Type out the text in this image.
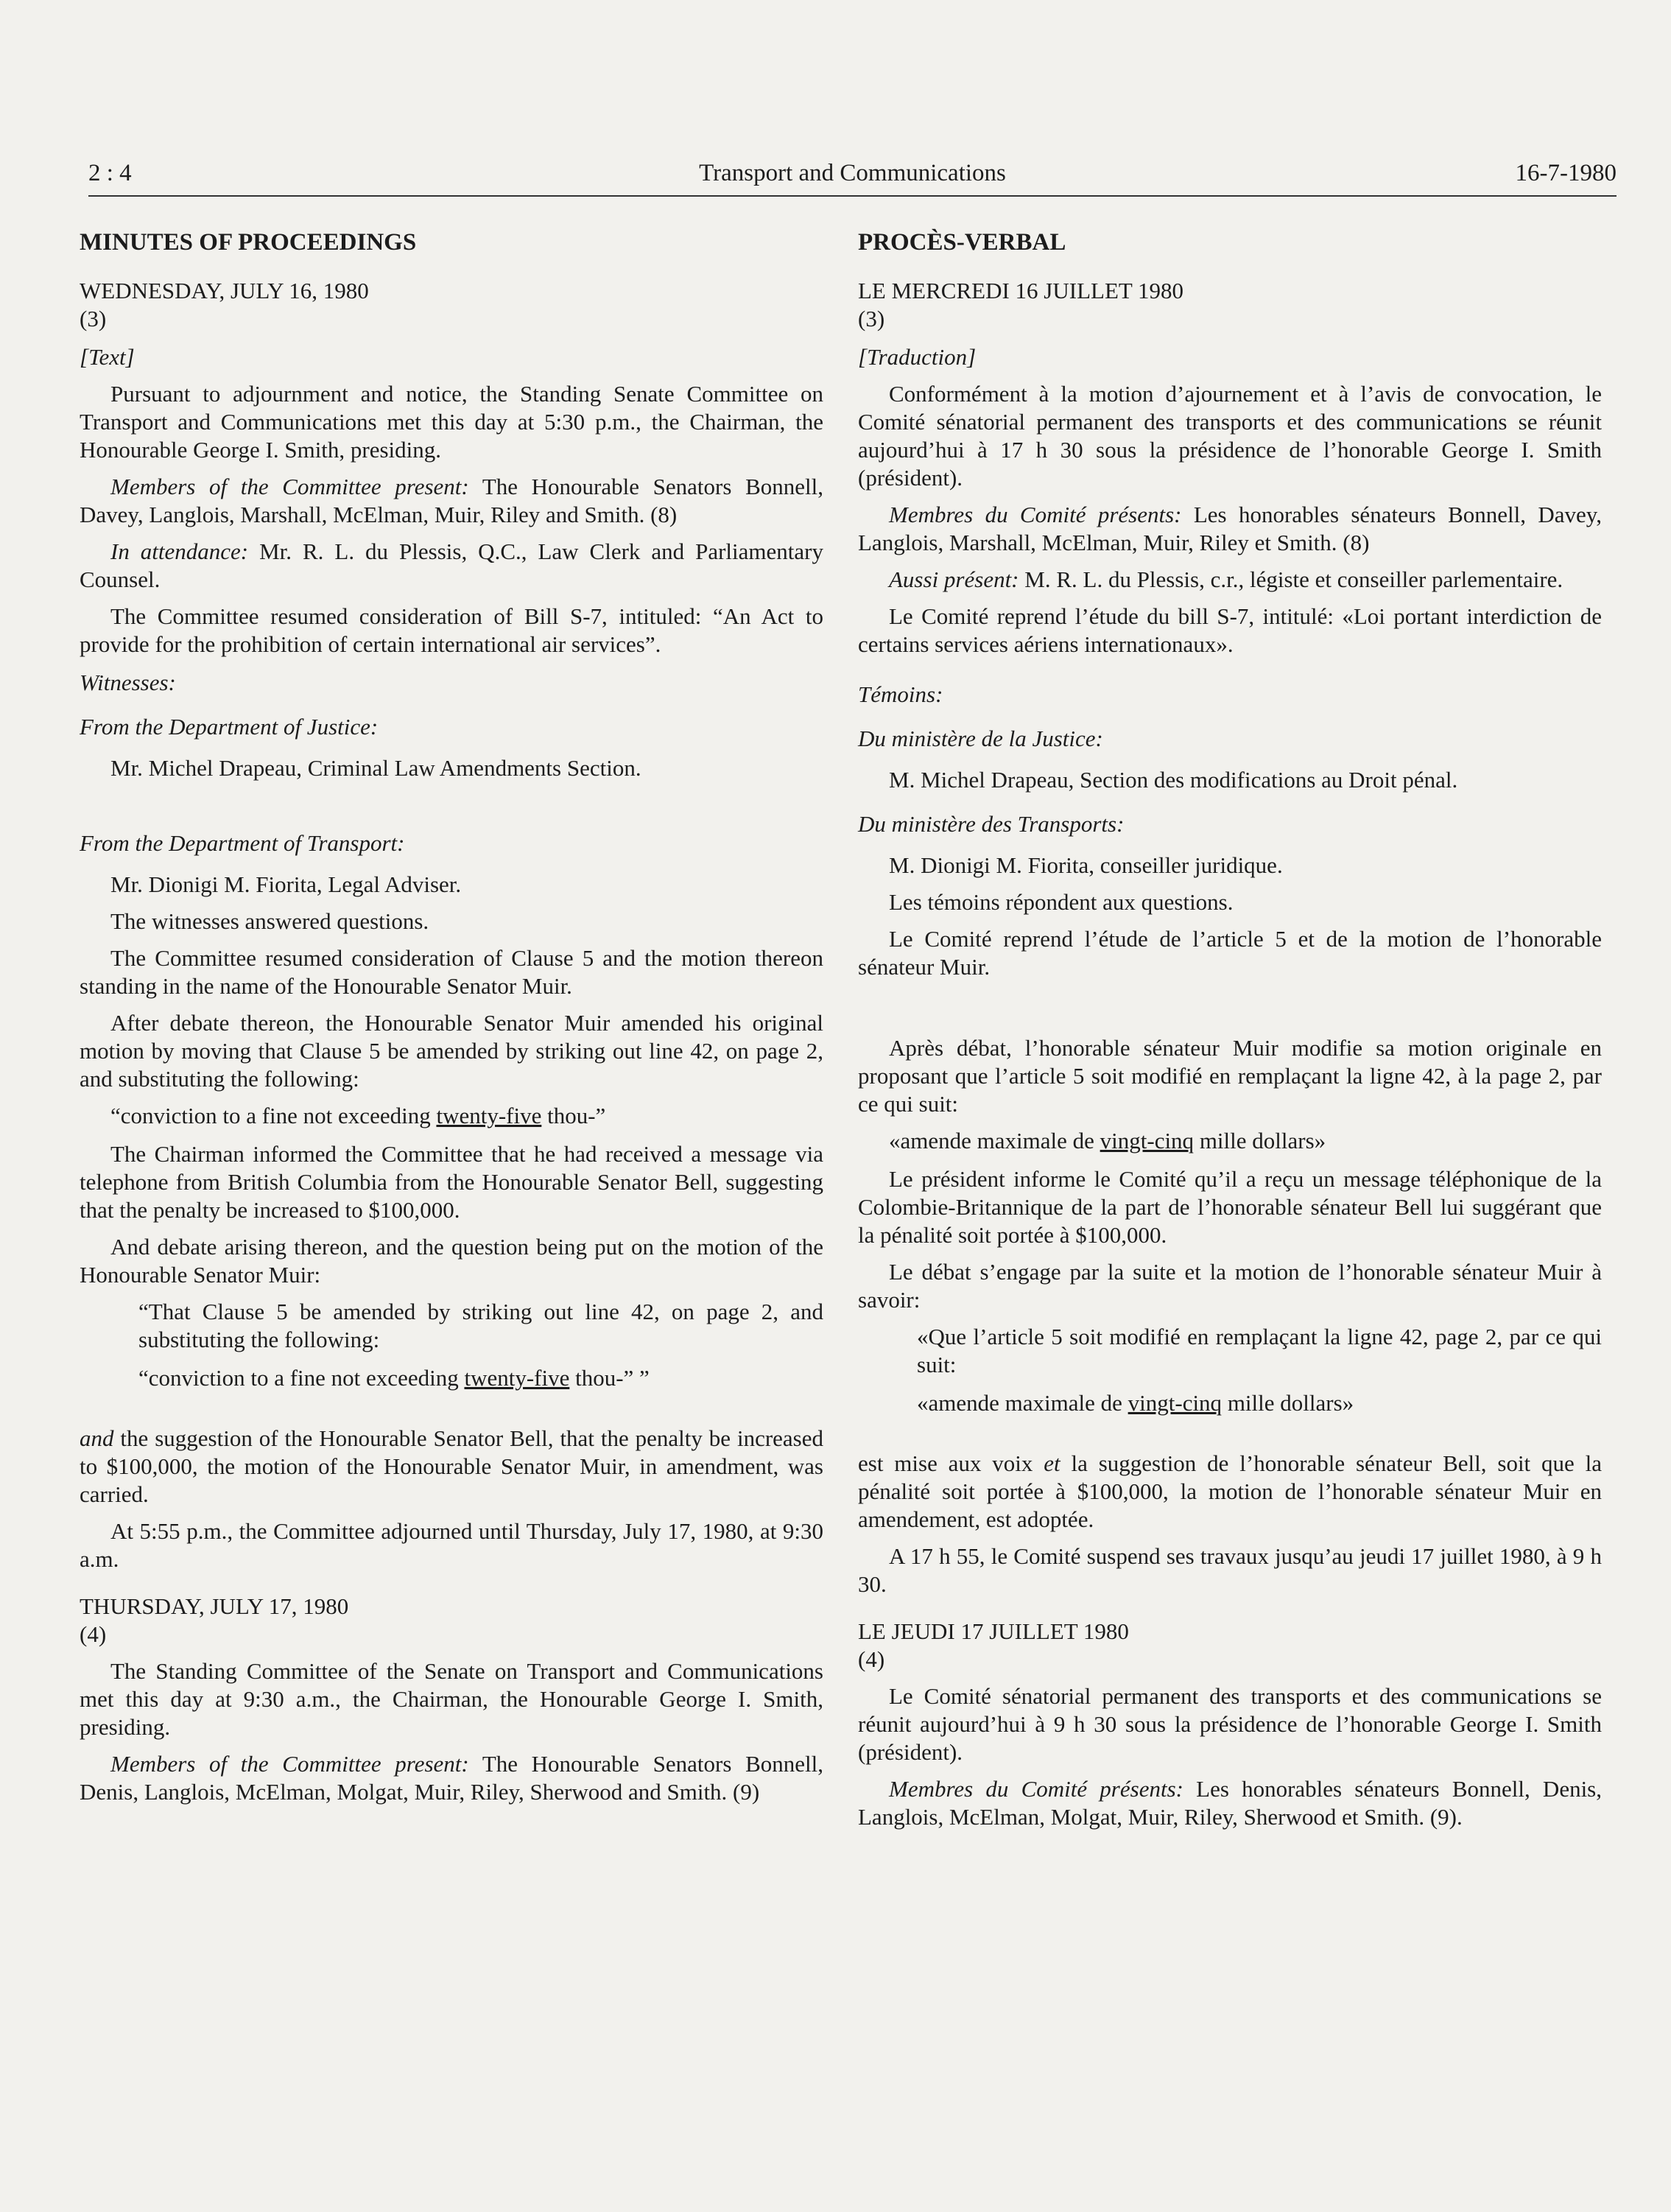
2 : 4	Transport and Communications	16-7-1980

MINUTES OF PROCEEDINGS

WEDNESDAY, JULY 16, 1980

(3)

[Text]

Pursuant to adjournment and notice, the Standing Senate Committee on Transport and Communications met this day at 5:30 p.m., the Chairman, the Honourable George I. Smith, presiding.

Members of the Committee present: The Honourable Senators Bonnell, Davey, Langlois, Marshall, McElman, Muir, Riley and Smith. (8)

In attendance: Mr. R. L. du Plessis, Q.C., Law Clerk and Parliamentary Counsel.

The Committee resumed consideration of Bill S-7, intituled: “An Act to provide for the prohibition of certain international air services”.

Witnesses:

From the Department of Justice:

Mr. Michel Drapeau, Criminal Law Amendments Section.

From the Department of Transport:

Mr. Dionigi M. Fiorita, Legal Adviser.

The witnesses answered questions.

The Committee resumed consideration of Clause 5 and the motion thereon standing in the name of the Honourable Senator Muir.

After debate thereon, the Honourable Senator Muir amended his original motion by moving that Clause 5 be amended by striking out line 42, on page 2, and substituting the following:

“conviction to a fine not exceeding twenty-five thou-”

The Chairman informed the Committee that he had received a message via telephone from British Columbia from the Honourable Senator Bell, suggesting that the penalty be increased to $100,000.

And debate arising thereon, and the question being put on the motion of the Honourable Senator Muir:

“That Clause 5 be amended by striking out line 42, on page 2, and substituting the following:

“conviction to a fine not exceeding twenty-five thou-” ”

and the suggestion of the Honourable Senator Bell, that the penalty be increased to $100,000, the motion of the Honourable Senator Muir, in amendment, was carried.

At 5:55 p.m., the Committee adjourned until Thursday, July 17, 1980, at 9:30 a.m.

THURSDAY, JULY 17, 1980

(4)

The Standing Committee of the Senate on Transport and Communications met this day at 9:30 a.m., the Chairman, the Honourable George I. Smith, presiding.

Members of the Committee present: The Honourable Senators Bonnell, Denis, Langlois, McElman, Molgat, Muir, Riley, Sherwood and Smith. (9)

PROCÈS-VERBAL

LE MERCREDI 16 JUILLET 1980

(3)

[Traduction]

Conformément à la motion d’ajournement et à l’avis de convocation, le Comité sénatorial permanent des transports et des communications se réunit aujourd’hui à 17 h 30 sous la présidence de l’honorable George I. Smith (président).

Membres du Comité présents: Les honorables sénateurs Bonnell, Davey, Langlois, Marshall, McElman, Muir, Riley et Smith. (8)

Aussi présent: M. R. L. du Plessis, c.r., légiste et conseiller parlementaire.

Le Comité reprend l’étude du bill S-7, intitulé: «Loi portant interdiction de certains services aériens internationaux».

Témoins:

Du ministère de la Justice:

M. Michel Drapeau, Section des modifications au Droit pénal.

Du ministère des Transports:

M. Dionigi M. Fiorita, conseiller juridique.

Les témoins répondent aux questions.

Le Comité reprend l’étude de l’article 5 et de la motion de l’honorable sénateur Muir.

Après débat, l’honorable sénateur Muir modifie sa motion originale en proposant que l’article 5 soit modifié en remplaçant la ligne 42, à la page 2, par ce qui suit:

«amende maximale de vingt-cinq mille dollars»

Le président informe le Comité qu’il a reçu un message téléphonique de la Colombie-Britannique de la part de l’honorable sénateur Bell lui suggérant que la pénalité soit portée à $100,000.

Le débat s’engage par la suite et la motion de l’honorable sénateur Muir à savoir:

«Que l’article 5 soit modifié en remplaçant la ligne 42, page 2, par ce qui suit:

«amende maximale de vingt-cinq mille dollars»

est mise aux voix et la suggestion de l’honorable sénateur Bell, soit que la pénalité soit portée à $100,000, la motion de l’honorable sénateur Muir en amendement, est adoptée.

A 17 h 55, le Comité suspend ses travaux jusqu’au jeudi 17 juillet 1980, à 9 h 30.

LE JEUDI 17 JUILLET 1980

(4)

Le Comité sénatorial permanent des transports et des communications se réunit aujourd’hui à 9 h 30 sous la présidence de l’honorable George I. Smith (président).

Membres du Comité présents: Les honorables sénateurs Bonnell, Denis, Langlois, McElman, Molgat, Muir, Riley, Sherwood et Smith. (9).
